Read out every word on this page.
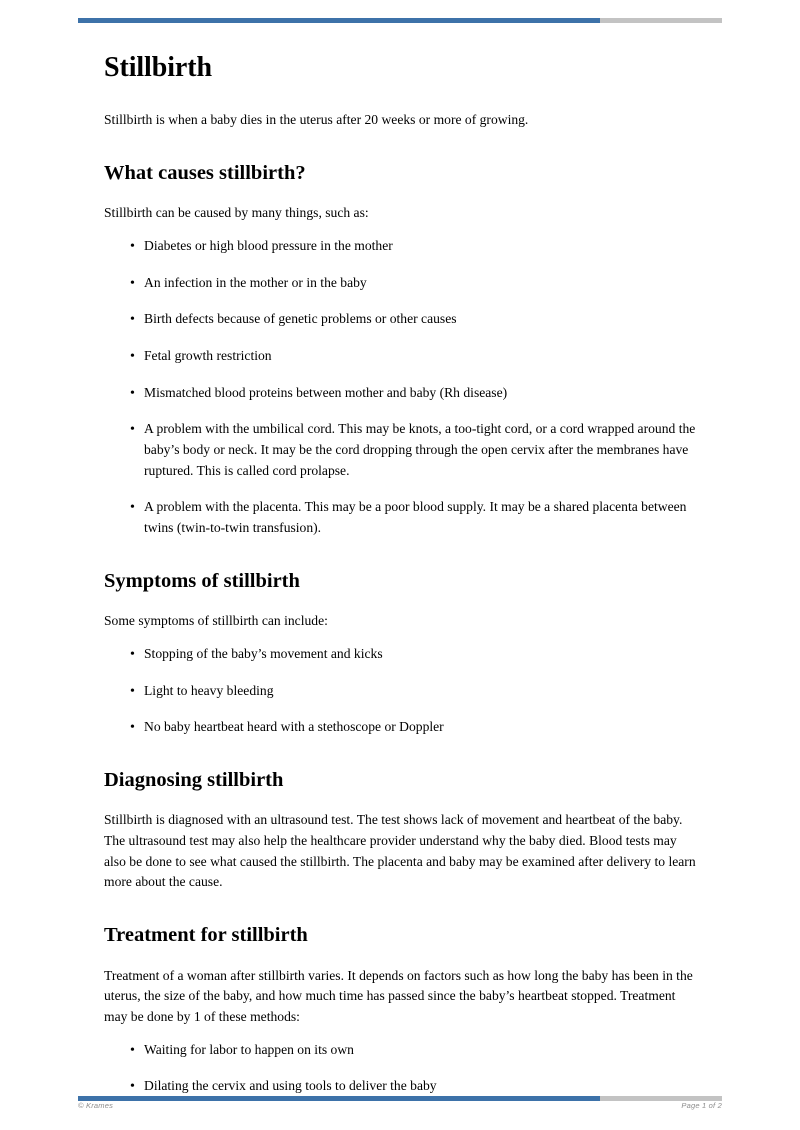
Stillbirth

Stillbirth is when a baby dies in the uterus after 20 weeks or more of growing.

What causes stillbirth?

Stillbirth can be caused by many things, such as:

• Diabetes or high blood pressure in the mother
• An infection in the mother or in the baby
• Birth defects because of genetic problems or other causes
• Fetal growth restriction
• Mismatched blood proteins between mother and baby (Rh disease)
• A problem with the umbilical cord. This may be knots, a too-tight cord, or a cord wrapped around the baby’s body or neck. It may be the cord dropping through the open cervix after the membranes have ruptured. This is called cord prolapse.
• A problem with the placenta. This may be a poor blood supply. It may be a shared placenta between twins (twin-to-twin transfusion).
Symptoms of stillbirth

Some symptoms of stillbirth can include:

• Stopping of the baby’s movement and kicks
• Light to heavy bleeding
• No baby heartbeat heard with a stethoscope or Doppler
Diagnosing stillbirth

Stillbirth is diagnosed with an ultrasound test. The test shows lack of movement and heartbeat of the baby. The ultrasound test may also help the healthcare provider understand why the baby died. Blood tests may also be done to see what caused the stillbirth. The placenta and baby may be examined after delivery to learn more about the cause.

Treatment for stillbirth

Treatment of a woman after stillbirth varies. It depends on factors such as how long the baby has been in the uterus, the size of the baby, and how much time has passed since the baby’s heartbeat stopped. Treatment may be done by 1 of these methods:

• Waiting for labor to happen on its own
• Dilating the cervix and using tools to deliver the baby
© Krames	Page 1 of 2
